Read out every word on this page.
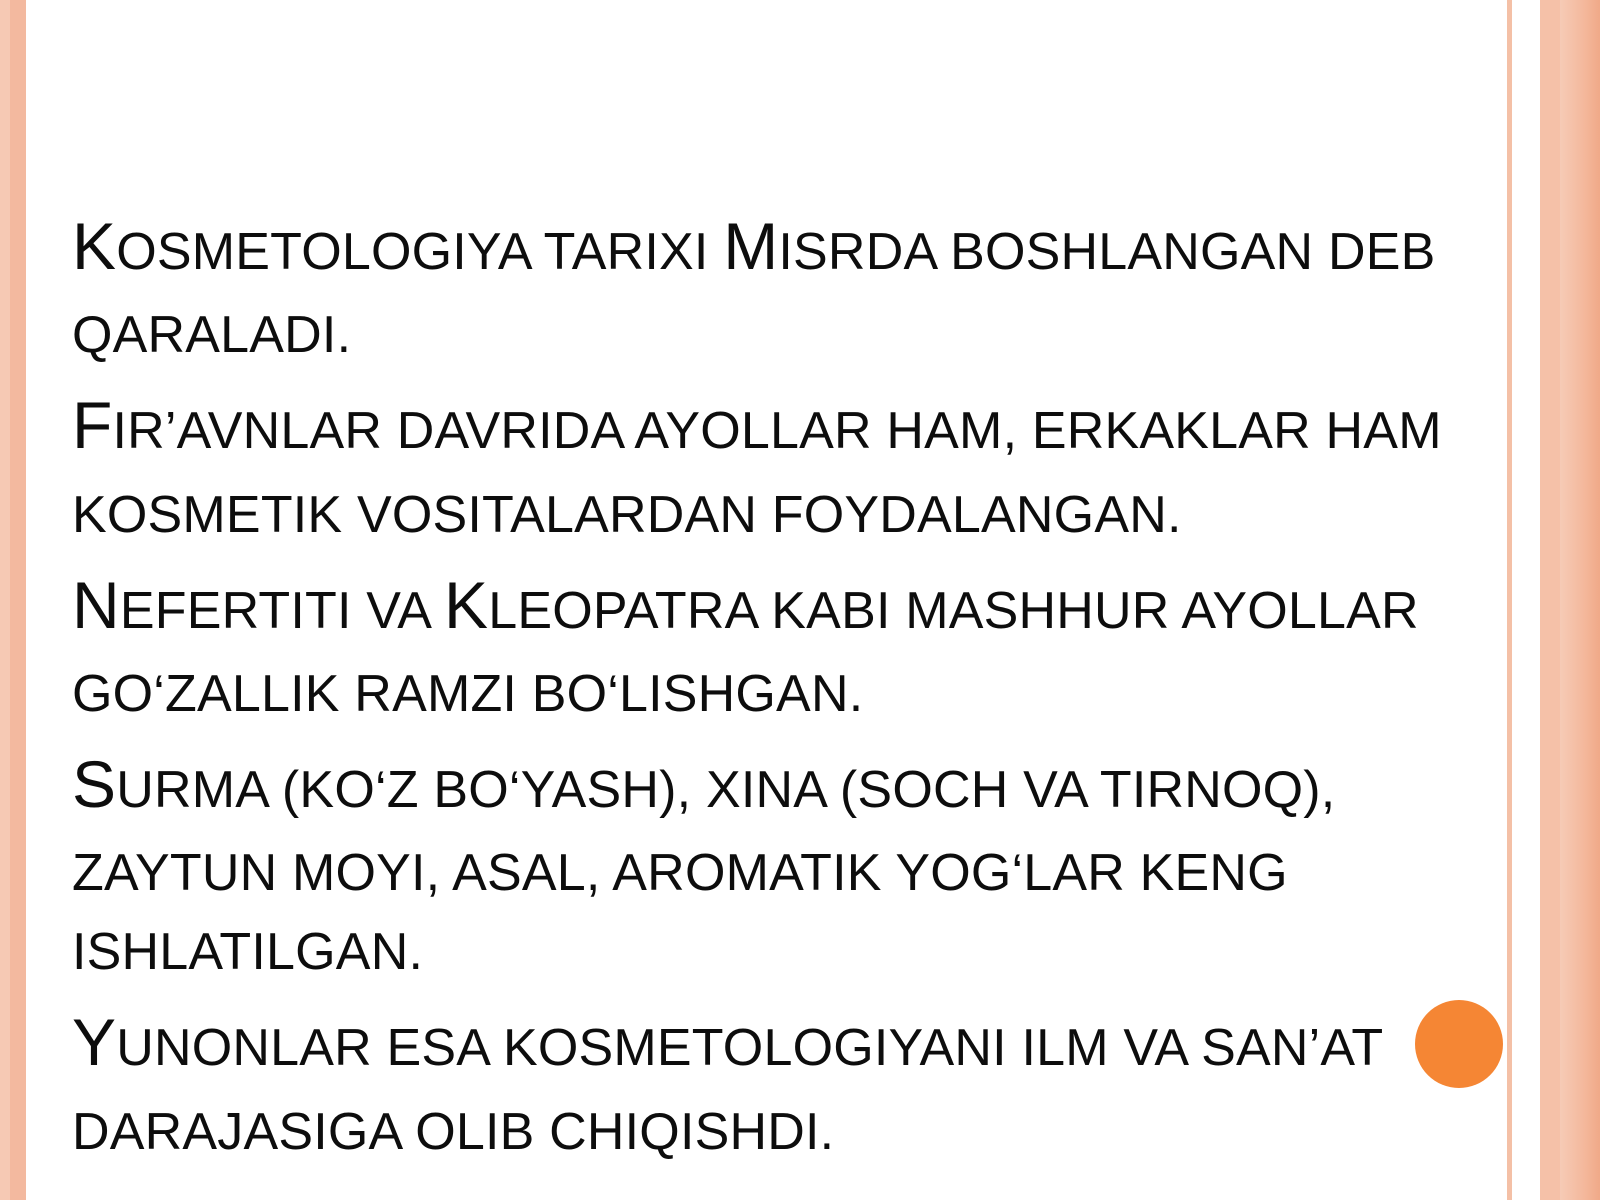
KOSMETOLOGIYA TARIXI MISRDA BOSHLANGAN DEB QARALADI.

FIR’AVNLAR DAVRIDA AYOLLAR HAM, ERKAKLAR HAM KOSMETIK VOSITALARDAN FOYDALANGAN.

NEFERTITI VA KLEOPATRA KABI MASHHUR AYOLLAR GO‘ZALLIK RAMZI BO‘LISHGAN.

SURMA (KO‘Z BO‘YASH), XINA (SOCH VA TIRNOQ), ZAYTUN MOYI, ASAL, AROMATIK YOG‘LAR KENG ISHLATILGAN.

YUNONLAR ESA KOSMETOLOGIYANI ILM VA SAN’AT DARAJASIGA OLIB CHIQISHDI.
